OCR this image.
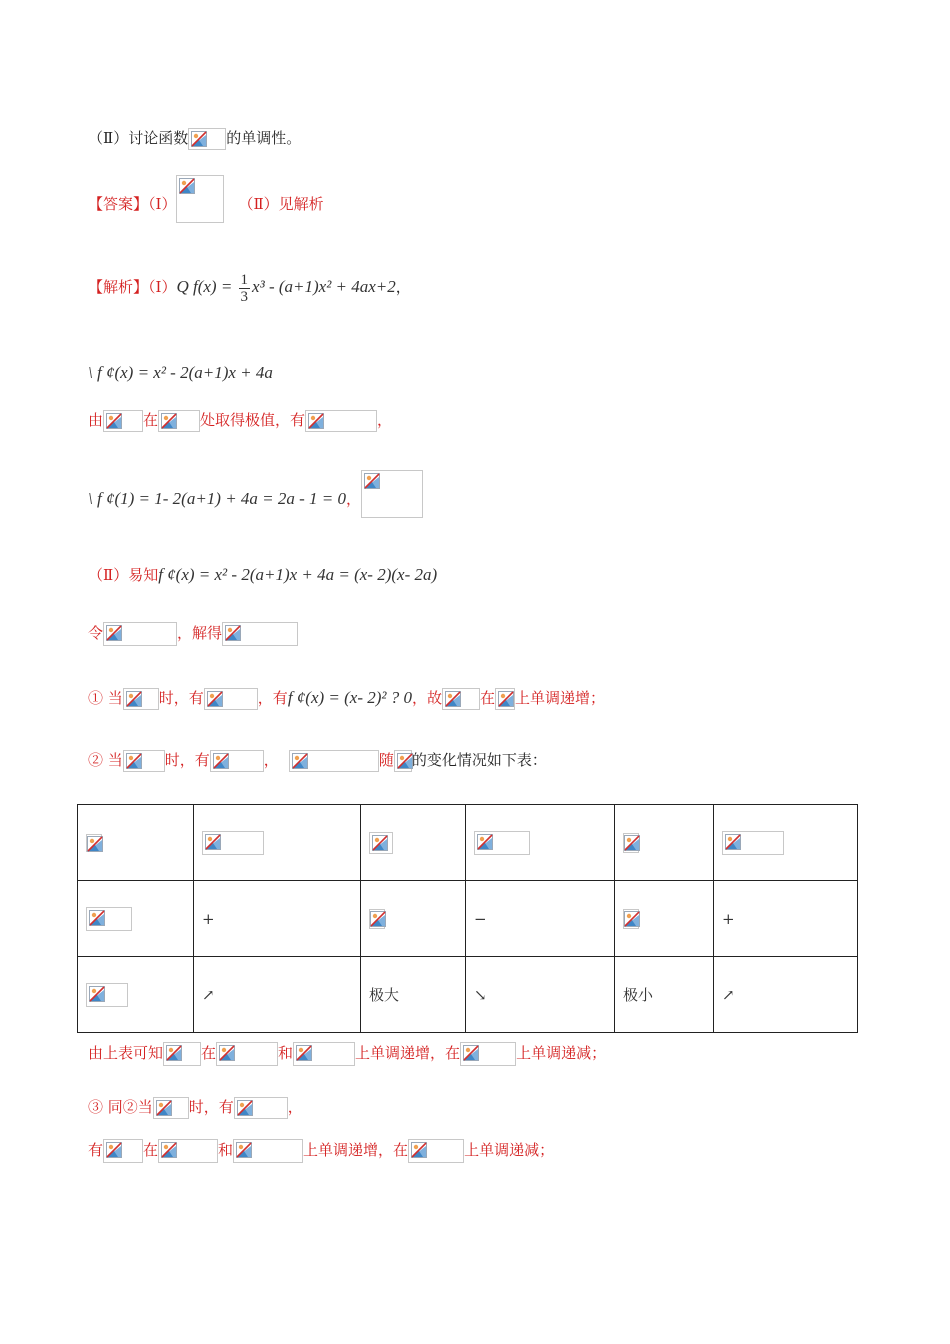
（Ⅱ）讨论函数	的单调性。
【答案】（Ⅰ）	（Ⅱ）见解析
【解析】（Ⅰ）Q $f(x) = \frac{1}{3} x^3 - (a+1)x^2 + 4ax+2$，
\ f ¢(x) = x² - 2(a+1)x + 4a
由	在	处取得极值，有	，
\ f ¢(1) = 1- 2(a+1) + 4a = 2a - 1 = 0，
（Ⅱ）易知f ¢(x) = x² - 2(a+1)x + 4a = (x- 2)(x- 2a)
令	，解得
① 当 时，有	，有f ¢(x) = (x- 2)² ? 0，故	在 上单调递增；
② 当	时，有	，	随 的变化情况如下表：

	+		−		+

	↗	极大	↘	极小	↗
由上表可知	在	和	上单调递增，在	上单调递减；
③ 同②当 时，有	，
有	在	和	上单调递增，在	上单调递减；
